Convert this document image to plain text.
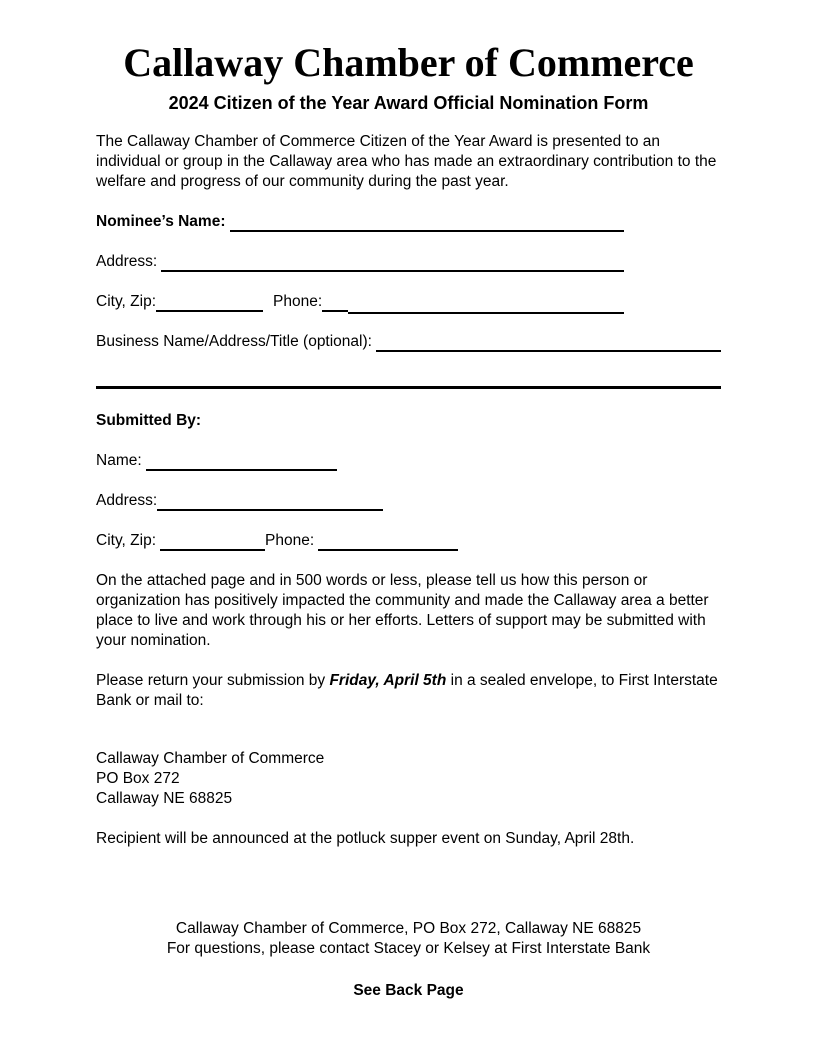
Callaway Chamber of Commerce
2024 Citizen of the Year Award Official Nomination Form

The Callaway Chamber of Commerce Citizen of the Year Award is presented to an individual or group in the Callaway area who has made an extraordinary contribution to the welfare and progress of our community during the past year.

Nominee’s Name:
Address:
City, Zip:	Phone:
Business Name/Address/Title (optional):
Submitted By:
Name:
Address:
City, Zip:	Phone:

On the attached page and in 500 words or less, please tell us how this person or organization has positively impacted the community and made the Callaway area a better place to live and work through his or her efforts. Letters of support may be submitted with your nomination.

Please return your submission by Friday, April 5th in a sealed envelope, to First Interstate Bank or mail to:

Callaway Chamber of Commerce
PO Box 272
Callaway NE 68825

Recipient will be announced at the potluck supper event on Sunday, April 28th.

Callaway Chamber of Commerce, PO Box 272, Callaway NE 68825
For questions, please contact Stacey or Kelsey at First Interstate Bank
See Back Page
